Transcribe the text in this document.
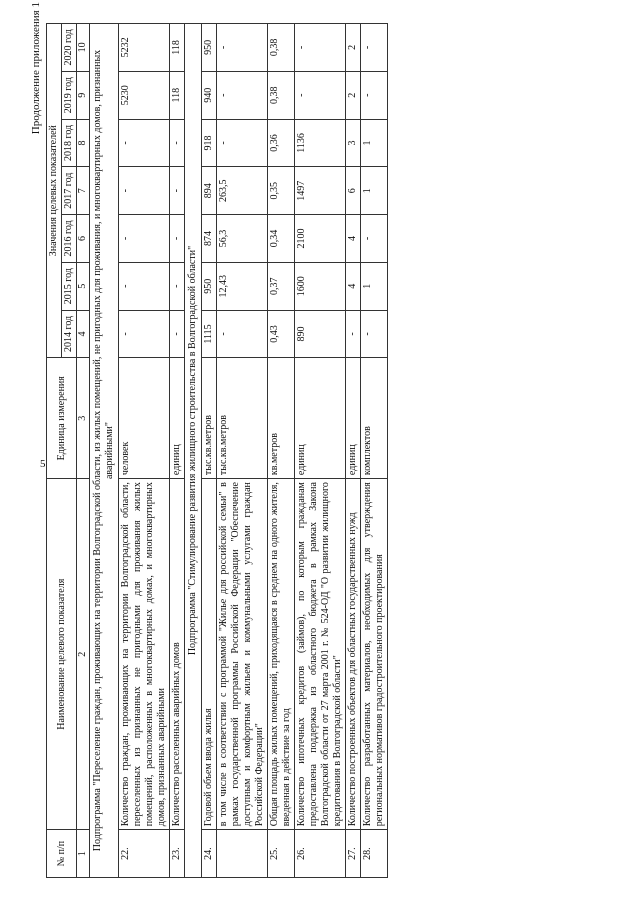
5
Продолжение приложения 1
№ п/п	Наименование целевого показателя	Единица измерения	Значения целевых показателей						
			2014 год	2015 год	2016 год	2017 год	2018 год	2019 год	2020 год
1	2	3	4	5	6	7	8	9	10
Подпрограмма "Переселение граждан, проживающих на территории Волгоградской области, из жилых помещений, не пригодных для проживания, и многоквартирных домов, признанных аварийными"									
22.	Количество граждан, проживающих на территории Волгоградской области, переселенных из признанных не пригодными для проживания жилых помещений, расположенных в многоквартирных домах, и многоквартирных домов, признанных аварийными	человек	-	-	-	-	-	5230	5232
23.	Количество расселенных аварийных домов	единиц	-	-	-	-	-	118	118
Подпрограмма "Стимулирование развития жилищного строительства в Волгоградской области"									
24.	Годовой объем ввода жилья	тыс.кв.метров	1115	950	874	894	918	940	950
	в том числе в соответствии с программой "Жилье для российской семьи" в рамках государственной программы Российской Федерации "Обеспечение доступным и комфортным жильем и коммунальными услугами граждан Российской Федерации"	тыс.кв.метров	-	12,43	56,3	263,5	-	-	-
25.	Общая площадь жилых помещений, приходящаяся в среднем на одного жителя, введенная в действие за год	кв.метров	0,43	0,37	0,34	0,35	0,36	0,38	0,38
26.	Количество ипотечных кредитов (займов), по которым гражданам предоставлена поддержка из областного бюджета в рамках Закона Волгоградской области от 27 марта 2001 г. № 524-ОД "О развитии жилищного кредитования в Волгоградской области"	единиц	890	1600	2100	1497	1136	-	-
27.	Количество построенных объектов для областных государственных нужд	единиц	-	4	4	6	3	2	2
28.	Количество разработанных материалов, необходимых для утверждения региональных нормативов градостроительного проектирования	комплектов	-	1	-	1	1	-	-
